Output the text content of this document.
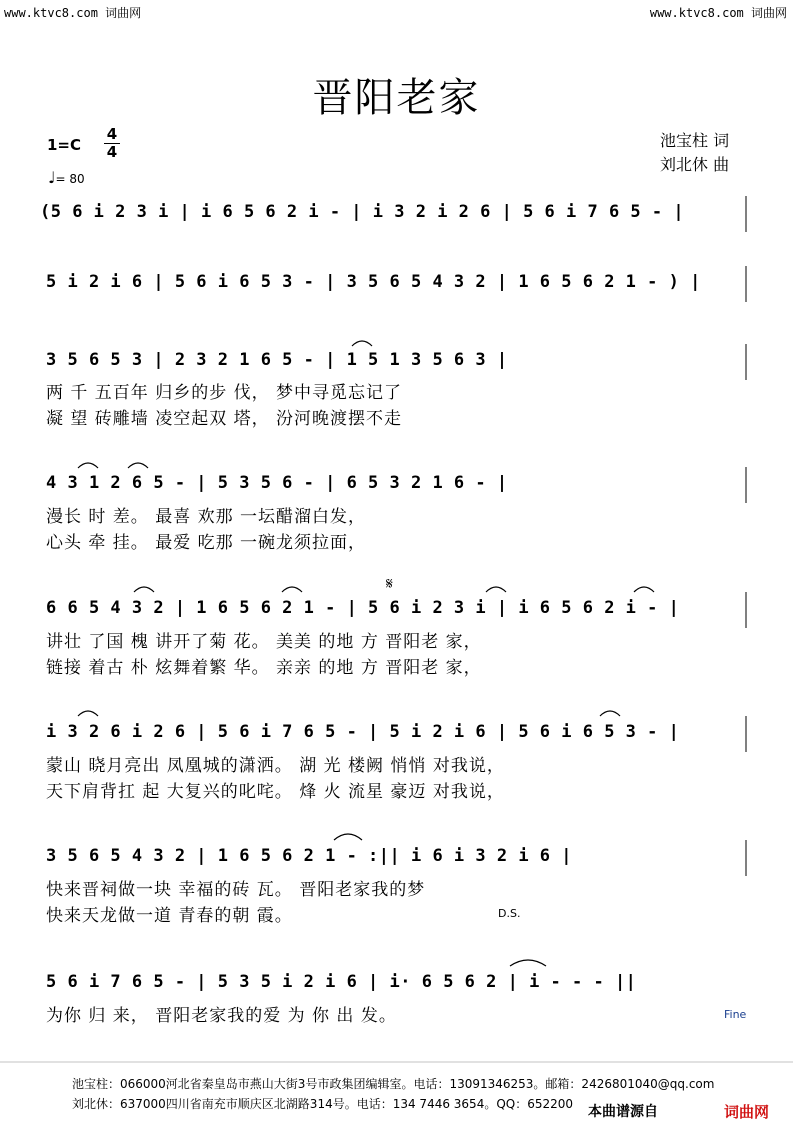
www.ktvc8.com 词曲网	www.ktvc8.com 词曲网
晋阳老家
池宝柱 词
刘北休 曲
1=C
4
4
♩= 80
(5 6 i 2 3 i | i 6 5 6 2 i - | i 3 2 i 2 6 | 5 6 i 7 6 5 - |
5 i 2 i 6 | 5 6 i 6 5 3 - | 3 5 6 5 4 3 2 | 1 6 5 6 2 1 - ) |
3 5 6 5 3 | 2 3 2 1 6 5 - | 1 5 1 3 5 6 3 |
两 千 五百年 归乡的步 伐， 梦中寻觅忘记了
凝 望 砖雕墙 凌空起双 塔， 汾河晚渡摆不走
4 3 1 2 6 5 - | 5 3 5 6 - | 6 5 3 2 1 6 - |
漫长 时 差。 最喜 欢那 一坛醋溜白发，
心头 牵 挂。 最爱 吃那 一碗龙须拉面，
𝄋
6 6 5 4 3 2 | 1 6 5 6 2 1 - | 5 6 i 2 3 i | i 6 5 6 2 i - |
讲壮 了国 槐 讲开了菊 花。 美美 的地 方 晋阳老 家，
链接 着古 朴 炫舞着繁 华。 亲亲 的地 方 晋阳老 家，
i 3 2 6 i 2 6 | 5 6 i 7 6 5 - | 5 i 2 i 6 | 5 6 i 6 5 3 - |
蒙山 晓月亮出 凤凰城的潇洒。 湖 光 楼阙 悄悄 对我说，
天下肩背扛 起 大复兴的叱咤。 烽 火 流星 豪迈 对我说，
3 5 6 5 4 3 2 | 1 6 5 6 2 1 - :|| i 6 i 3 2 i 6 |
快来晋祠做一块 幸福的砖 瓦。 晋阳老家我的梦
快来天龙做一道 青春的朝 霞。	D.S.
5 6 i 7 6 5 - | 5 3 5 i 2 i 6 | i· 6 5 6 2 | i - - - ||
为你 归 来， 晋阳老家我的爱 为 你 出 发。	Fine
池宝柱：066000河北省秦皇岛市燕山大街3号市政集团编辑室。电话：13091346253。邮箱：2426801040@qq.com
刘北休：637000四川省南充市顺庆区北湖路314号。电话：134 7446 3654。QQ：652200 本曲谱源自	词曲网
